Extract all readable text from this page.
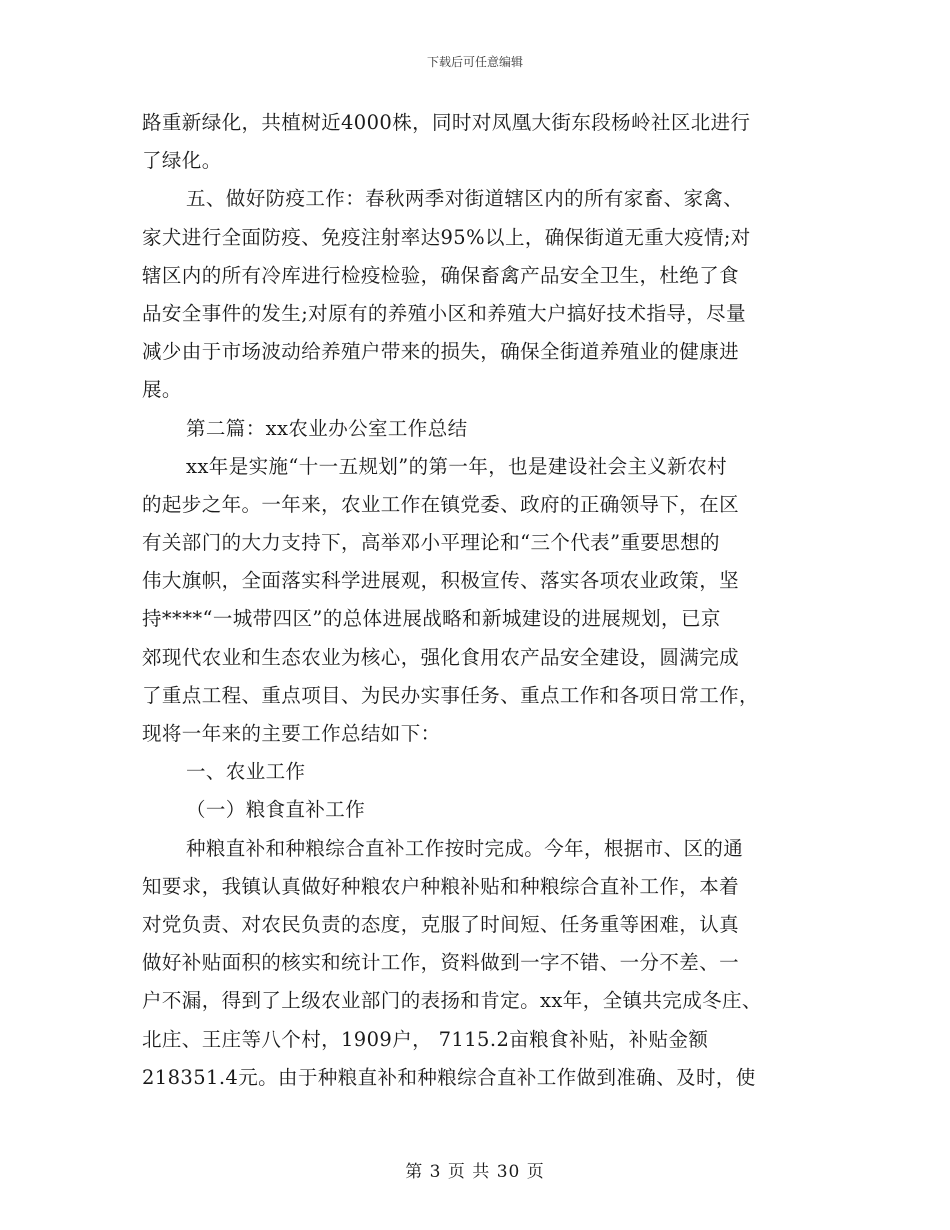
下载后可任意编辑
路重新绿化，共植树近4000株，同时对凤凰大街东段杨岭社区北进行
了绿化。
五、做好防疫工作：春秋两季对街道辖区内的所有家畜、家禽、
家犬进行全面防疫、免疫注射率达95%以上，确保街道无重大疫情;对
辖区内的所有冷库进行检疫检验，确保畜禽产品安全卫生，杜绝了食
品安全事件的发生;对原有的养殖小区和养殖大户搞好技术指导，尽量
减少由于市场波动给养殖户带来的损失，确保全街道养殖业的健康进
展。
第二篇：xx农业办公室工作总结
xx年是实施“十一五规划”的第一年，也是建设社会主义新农村
的起步之年。一年来，农业工作在镇党委、政府的正确领导下，在区
有关部门的大力支持下，高举邓小平理论和“三个代表”重要思想的
伟大旗帜，全面落实科学进展观，积极宣传、落实各项农业政策，坚
持****“一城带四区”的总体进展战略和新城建设的进展规划，已京
郊现代农业和生态农业为核心，强化食用农产品安全建设，圆满完成
了重点工程、重点项目、为民办实事任务、重点工作和各项日常工作，
现将一年来的主要工作总结如下：
一、农业工作
（一）粮食直补工作
种粮直补和种粮综合直补工作按时完成。今年，根据市、区的通
知要求，我镇认真做好种粮农户种粮补贴和种粮综合直补工作，本着
对党负责、对农民负责的态度，克服了时间短、任务重等困难，认真
做好补贴面积的核实和统计工作，资料做到一字不错、一分不差、一
户不漏，得到了上级农业部门的表扬和肯定。xx年，全镇共完成冬庄、
北庄、王庄等八个村，1909户， 7115.2亩粮食补贴，补贴金额
218351.4元。由于种粮直补和种粮综合直补工作做到准确、及时，使
第 3 页 共 30 页
